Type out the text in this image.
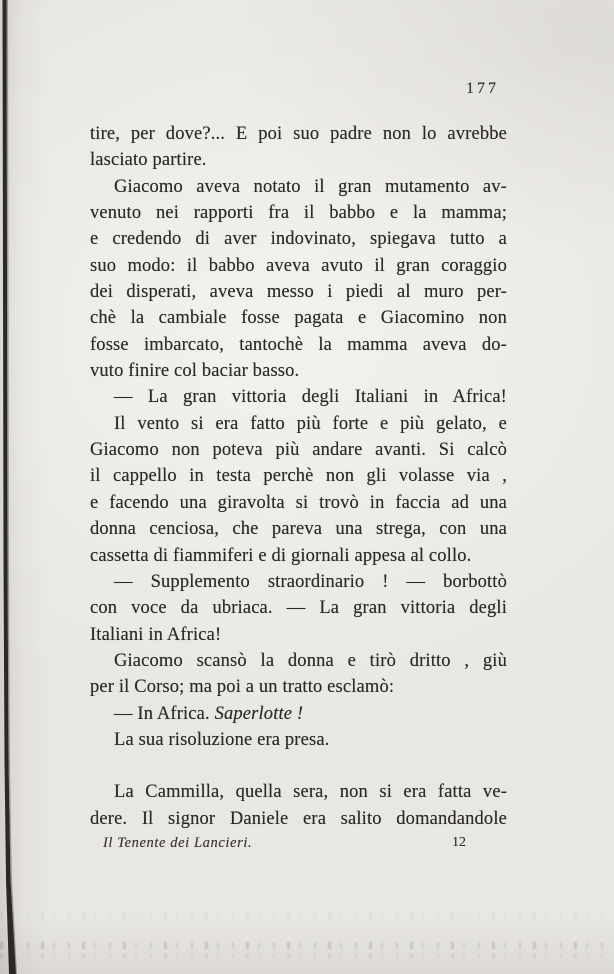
177
tire, per dove?... E poi suo padre non lo avrebbe
lasciato partire.
Giacomo aveva notato il gran mutamento av-
venuto nei rapporti fra il babbo e la mamma;
e credendo di aver indovinato, spiegava tutto a
suo modo: il babbo aveva avuto il gran coraggio
dei disperati, aveva messo i piedi al muro per-
chè la cambiale fosse pagata e Giacomino non
fosse imbarcato, tantochè la mamma aveva do-
vuto finire col baciar basso.
— La gran vittoria degli Italiani in Africa!
Il vento si era fatto più forte e più gelato, e
Giacomo non poteva più andare avanti. Si calcò
il cappello in testa perchè non gli volasse via ,
e facendo una giravolta si trovò in faccia ad una
donna cenciosa, che pareva una strega, con una
cassetta di fiammiferi e di giornali appesa al collo.
— Supplemento straordinario ! — borbottò
con voce da ubriaca. — La gran vittoria degli
Italiani in Africa!
Giacomo scansò la donna e tirò dritto , giù
per il Corso; ma poi a un tratto esclamò:
— In Africa. Saperlotte !
La sua risoluzione era presa.
La Cammilla, quella sera, non si era fatta ve-
dere. Il signor Daniele era salito domandandole
Il Tenente dei Lancieri.	12
